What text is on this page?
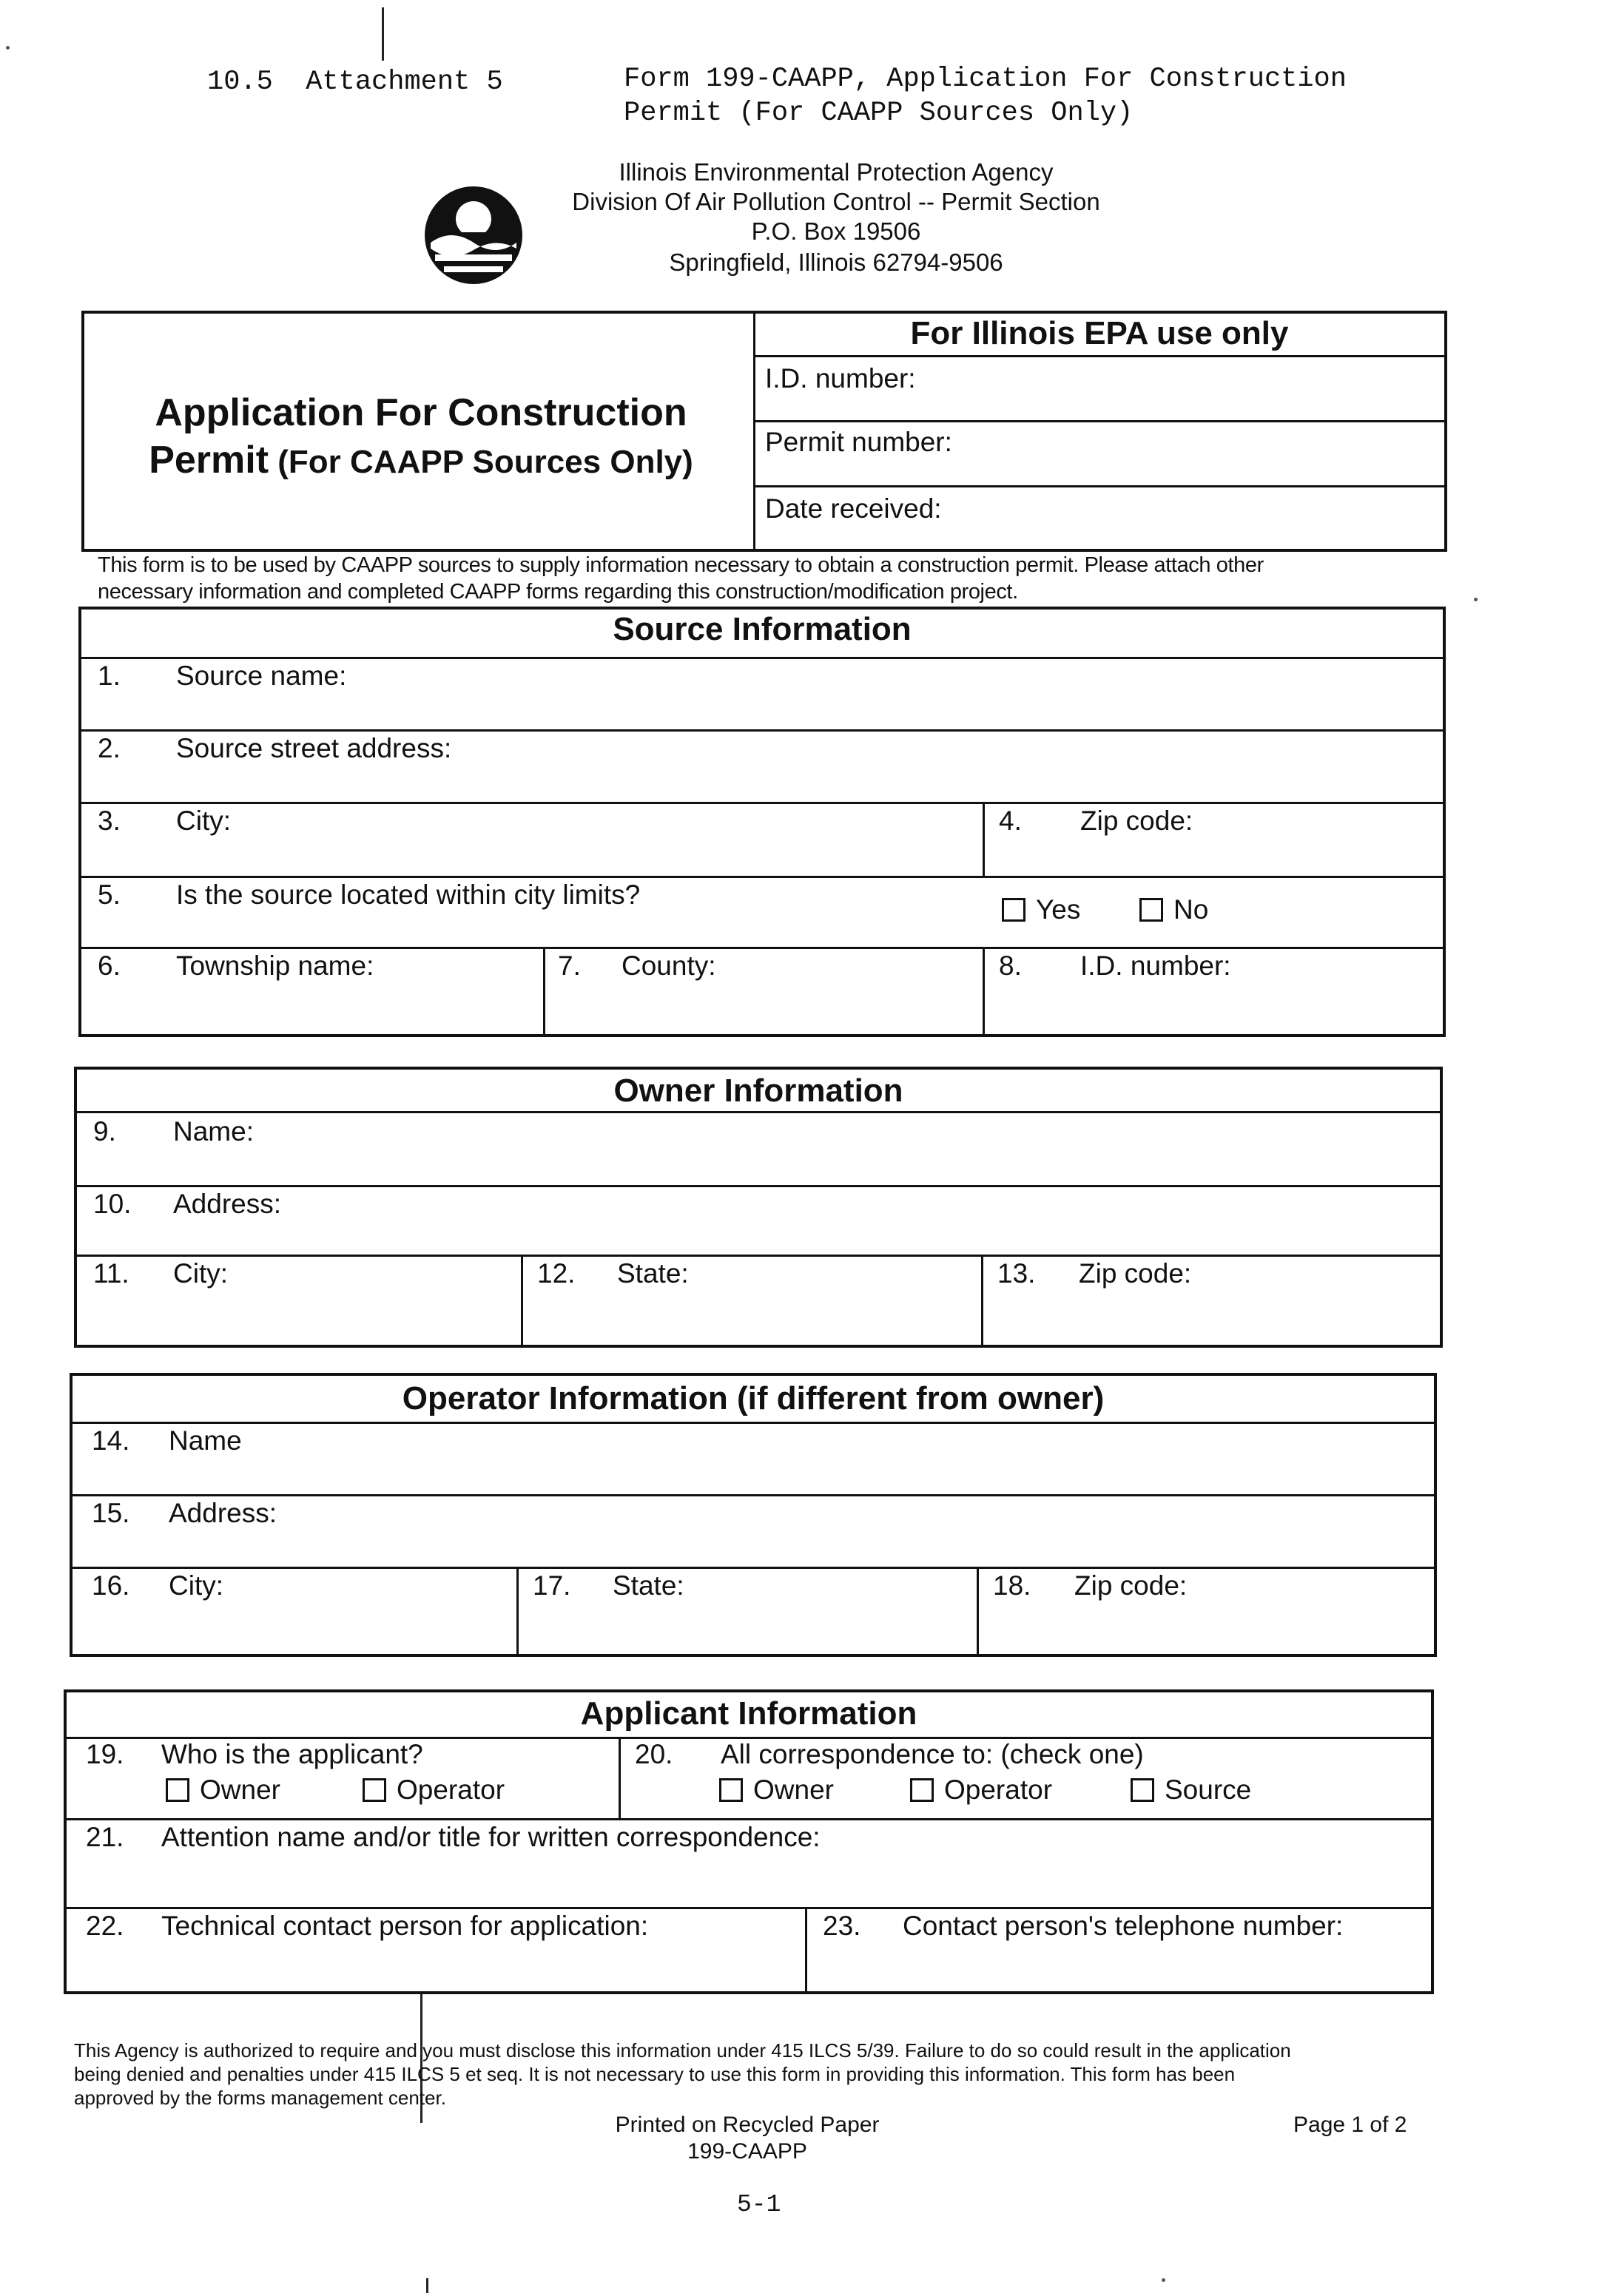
10.5  Attachment 5	Form 199-CAAPP, Application For Construction
Permit (For CAAPP Sources Only)
Illinois Environmental Protection Agency
Division Of Air Pollution Control -- Permit Section
P.O. Box 19506
Springfield, Illinois 62794-9506
Application For Construction
Permit (For CAAPP Sources Only)
For Illinois EPA use only
I.D. number:
Permit number:
Date received:
This form is to be used by CAAPP sources to supply information necessary to obtain a construction permit. Please attach other
necessary information and completed CAAPP forms regarding this construction/modification project.
Source Information
1. Source name:
2. Source street address:
3. City:	4. Zip code:
5. Is the source located within city limits?	Yes	No
6. Township name:	7. County:	8. I.D. number:
Owner Information
9. Name:
10. Address:
11. City:	12. State:	13. Zip code:
Operator Information (if different from owner)
14. Name
15. Address:
16. City:	17. State:	18. Zip code:
Applicant Information
19. Who is the applicant?
Owner	Operator
20. All correspondence to: (check one)
Owner	Operator	Source
21. Attention name and/or title for written correspondence:
22. Technical contact person for application:	23. Contact person's telephone number:
This Agency is authorized to require and you must disclose this information under 415 ILCS 5/39. Failure to do so could result in the application
being denied and penalties under 415 ILCS 5 et seq. It is not necessary to use this form in providing this information. This form has been
approved by the forms management center.
Printed on Recycled Paper
199-CAAPP
Page 1 of 2
5-1
